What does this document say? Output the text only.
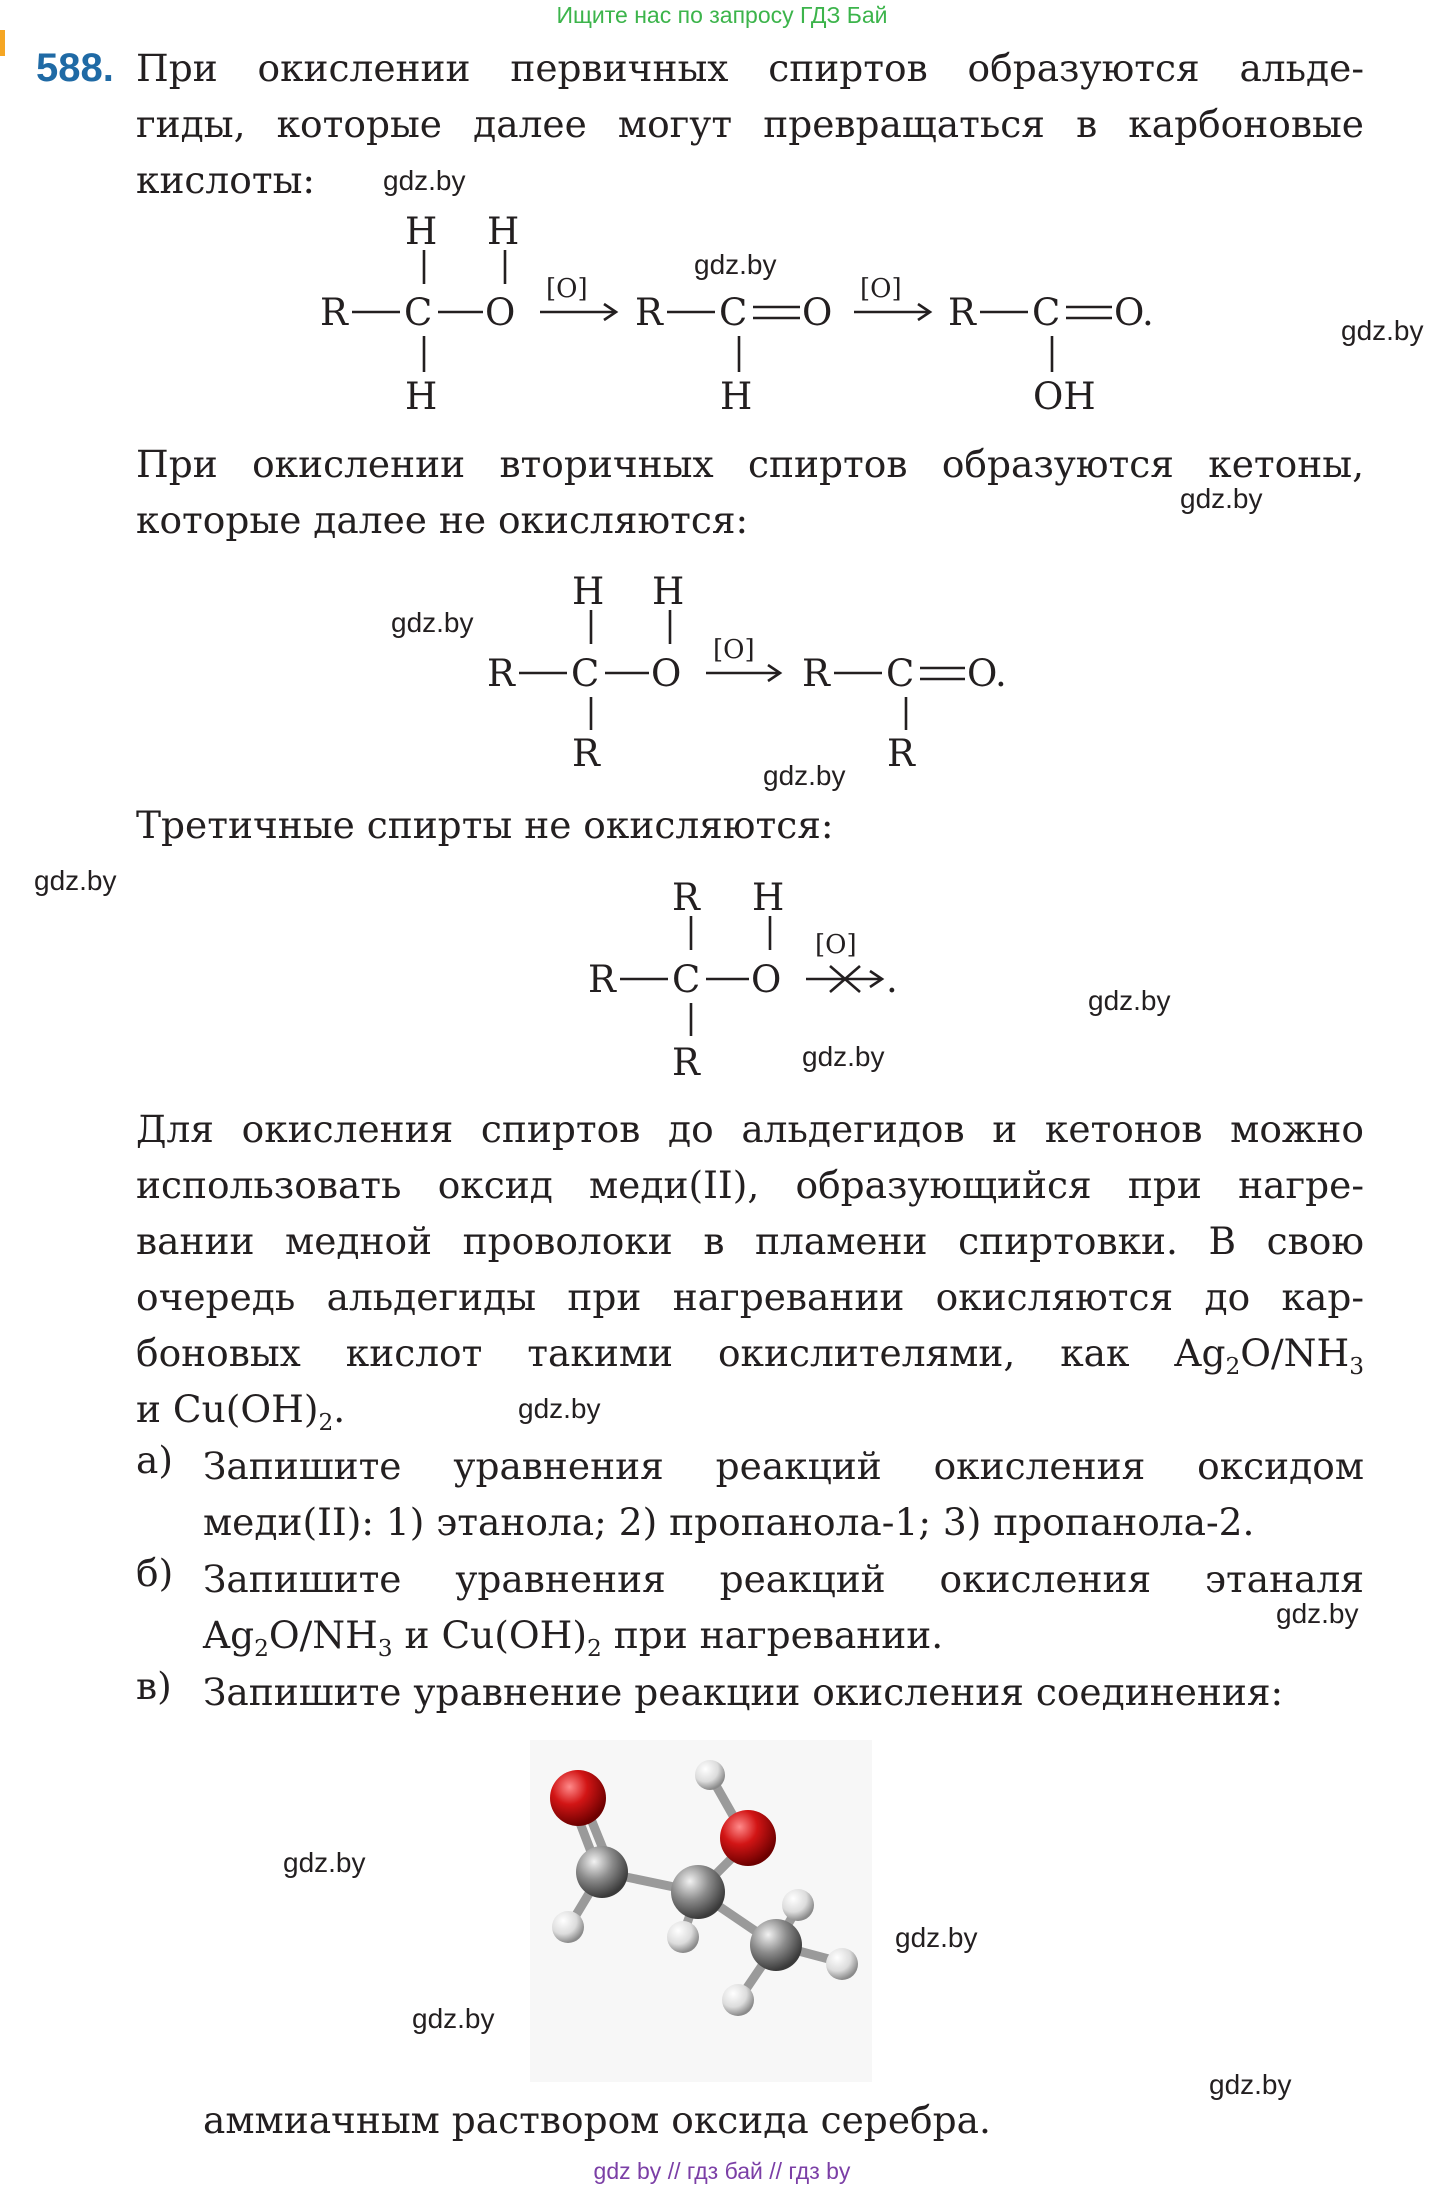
Ищите нас по запросу ГДЗ Бай
588. При окислении первичных спиртов образуются альде-
гиды, которые далее могут превращаться в карбоновые
кислоты:	gdz.by
gdz.by
gdz.by
H H
R C O
H
[O]
R C O
H
[O]
R C O
.
OH
При окислении вторичных спиртов образуются кетоны,
gdz.by
которые далее не окисляются:
gdz.by
H H
R C O
R
[O]
R C O
.
R
gdz.by
Третичные спирты не окисляются:
gdz.by	R H
R C O
R
[O]
.	gdz.by
gdz.by
Для окисления спиртов до альдегидов и кетонов можно
использовать оксид меди(II), образующийся при нагре-
вании медной проволоки в пламени спиртовки. В свою
очередь альдегиды при нагревании окисляются до кар-
боновых кислот такими окислителями, как $Ag_2O/NH_3$
и $Cu(OH)_2$.	gdz.by
а) Запишите уравнения реакций окисления оксидом
меди(II): 1) этанола; 2) пропанола-1; 3) пропанола-2.
б) Запишите уравнения реакций окисления этаналя
$Ag_2O/NH_3$ и $Cu(OH)_2$ при нагревании.	gdz.by
в) Запишите уравнение реакции окисления соединения:
gdz.by
gdz.by
gdz.by
gdz.by
аммиачным раствором оксида серебра.
gdz by // гдз бай // гдз by
